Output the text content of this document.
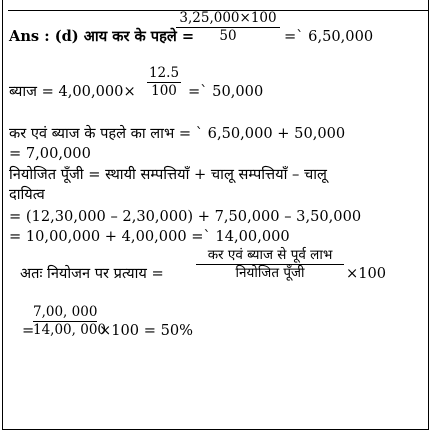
Ans : (d) आय कर के पहले =
3,25,000×100
50	=` 6,50,000
ब्याज = 4,00,000×
12.5
100 =` 50,000
कर एवं ब्याज के पहले का लाभ = ` 6,50,000 + 50,000
= 7,00,000
नियोजित पूँजी = स्थायी सम्पत्तियाँ + चालू सम्पत्तियाँ – चालू
दायित्व
= (12,30,000 – 2,30,000) + 7,50,000 – 3,50,000
= 10,00,000 + 4,00,000 =` 14,00,000
अतः नियोजन पर प्रत्याय =
कर एवं ब्याज से पूर्व लाभ
नियोजित पूँजी	×100
=
7,00, 000
14,00, 000
×100 = 50%
